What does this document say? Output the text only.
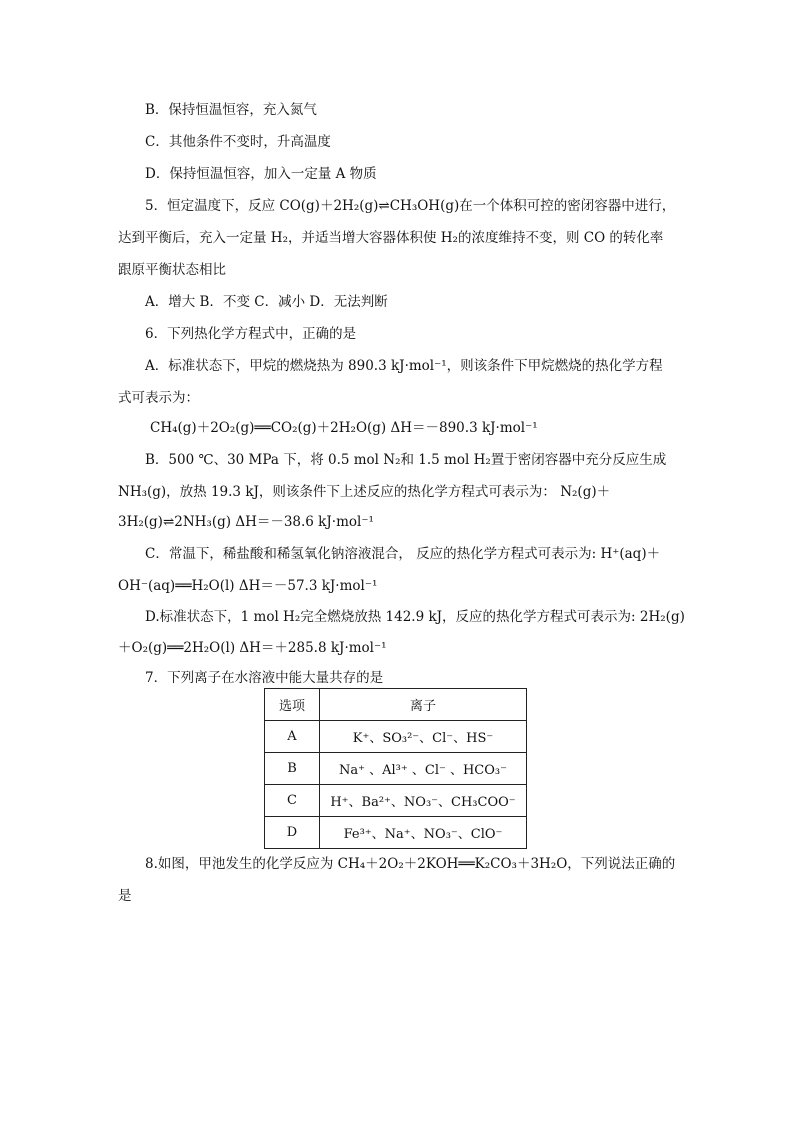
B．保持恒温恒容，充入氮气
C．其他条件不变时，升高温度
D．保持恒温恒容，加入一定量 A 物质
5．恒定温度下，反应 CO(g)＋2H₂(g)⇌CH₃OH(g)在一个体积可控的密闭容器中进行，
达到平衡后，充入一定量 H₂，并适当增大容器体积使 H₂的浓度维持不变，则 CO 的转化率
跟原平衡状态相比
A．增大 B．不变 C．减小 D．无法判断
6．下列热化学方程式中，正确的是
A．标准状态下，甲烷的燃烧热为 890.3 kJ·mol⁻¹，则该条件下甲烷燃烧的热化学方程
式可表示为：
CH₄(g)＋2O₂(g)══CO₂(g)＋2H₂O(g) ΔH＝－890.3 kJ·mol⁻¹
B．500 ℃、30 MPa 下，将 0.5 mol N₂和 1.5 mol H₂置于密闭容器中充分反应生成
NH₃(g)，放热 19.3 kJ，则该条件下上述反应的热化学方程式可表示为： N₂(g)＋
3H₂(g)⇌2NH₃(g) ΔH＝－38.6 kJ·mol⁻¹
C．常温下，稀盐酸和稀氢氧化钠溶液混合， 反应的热化学方程式可表示为: H⁺(aq)＋
OH⁻(aq)══H₂O(l) ΔH＝－57.3 kJ·mol⁻¹
D.标准状态下，1 mol H₂完全燃烧放热 142.9 kJ，反应的热化学方程式可表示为: 2H₂(g)
＋O₂(g)══2H₂O(l) ΔH＝＋285.8 kJ·mol⁻¹
7．下列离子在水溶液中能大量共存的是
选项	离子
A	K⁺、SO₃²⁻、Cl⁻、HS⁻
B	Na⁺ 、Al³⁺ 、Cl⁻ 、HCO₃⁻
C	H⁺、Ba²⁺、NO₃⁻、CH₃COO⁻
D	Fe³⁺、Na⁺、NO₃⁻、ClO⁻
8.如图，甲池发生的化学反应为 CH₄＋2O₂＋2KOH══K₂CO₃＋3H₂O，下列说法正确的
是
